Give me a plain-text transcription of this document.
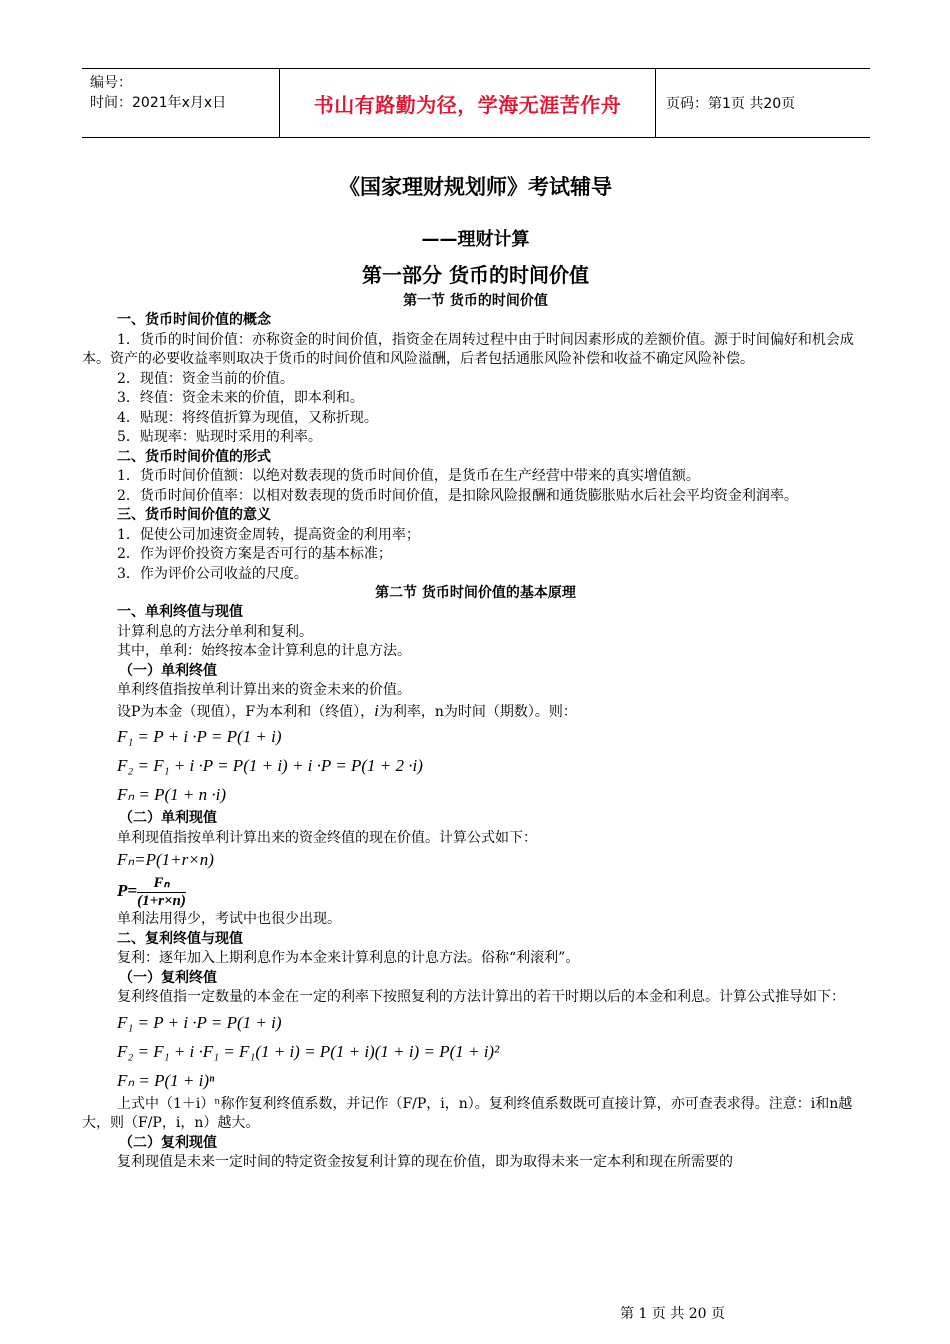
编号：
时间：2021年x月x日	书山有路勤为径，学海无涯苦作舟	页码：第1页 共20页
《国家理财规划师》考试辅导
——理财计算
第一部分 货币的时间价值
第一节 货币的时间价值
一、货币时间价值的概念
1．货币的时间价值：亦称资金的时间价值，指资金在周转过程中由于时间因素形成的差额价值。源于时间偏好和机会成本。资产的必要收益率则取决于货币的时间价值和风险溢酬，后者包括通胀风险补偿和收益不确定风险补偿。
2．现值：资金当前的价值。
3．终值：资金未来的价值，即本利和。
4．贴现：将终值折算为现值，又称折现。
5．贴现率：贴现时采用的利率。
二、货币时间价值的形式
1．货币时间价值额：以绝对数表现的货币时间价值，是货币在生产经营中带来的真实增值额。
2．货币时间价值率：以相对数表现的货币时间价值，是扣除风险报酬和通货膨胀贴水后社会平均资金利润率。
三、货币时间价值的意义
1．促使公司加速资金周转，提高资金的利用率；
2．作为评价投资方案是否可行的基本标准；
3．作为评价公司收益的尺度。
第二节 货币时间价值的基本原理
一、单利终值与现值
计算利息的方法分单利和复利。
其中，单利：始终按本金计算利息的计息方法。
（一）单利终值
单利终值指按单利计算出来的资金未来的价值。
设P为本金（现值），F为本利和（终值），i为利率，n为时间（期数）。则：
F₁ = P + i ·P = P(1 + i)
F₂ = F₁ + i ·P = P(1 + i) + i ·P = P(1 + 2 ·i)
Fₙ = P(1 + n ·i)
（二）单利现值
单利现值指按单利计算出来的资金终值的现在价值。计算公式如下：
Fₙ=P(1+r×n)
$P= \frac{\text{Fₙ}}{(1+r\times n)}$
单利法用得少，考试中也很少出现。
二、复利终值与现值
复利：逐年加入上期利息作为本金来计算利息的计息方法。俗称“利滚利”。
（一）复利终值
复利终值指一定数量的本金在一定的利率下按照复利的方法计算出的若干时期以后的本金和利息。计算公式推导如下：
F₁ = P + i ·P = P(1 + i)
F₂ = F₁ + i ·F₁ = F₁(1 + i) = P(1 + i)(1 + i) = P(1 + i)²
Fₙ = P(1 + i)ⁿ
上式中（1＋i）ⁿ称作复利终值系数，并记作（F/P，i，n）。复利终值系数既可直接计算，亦可查表求得。注意：i和n越大，则（F/P，i，n）越大。
（二）复利现值
复利现值是未来一定时间的特定资金按复利计算的现在价值，即为取得未来一定本利和现在所需要的
第 1 页 共 20 页
